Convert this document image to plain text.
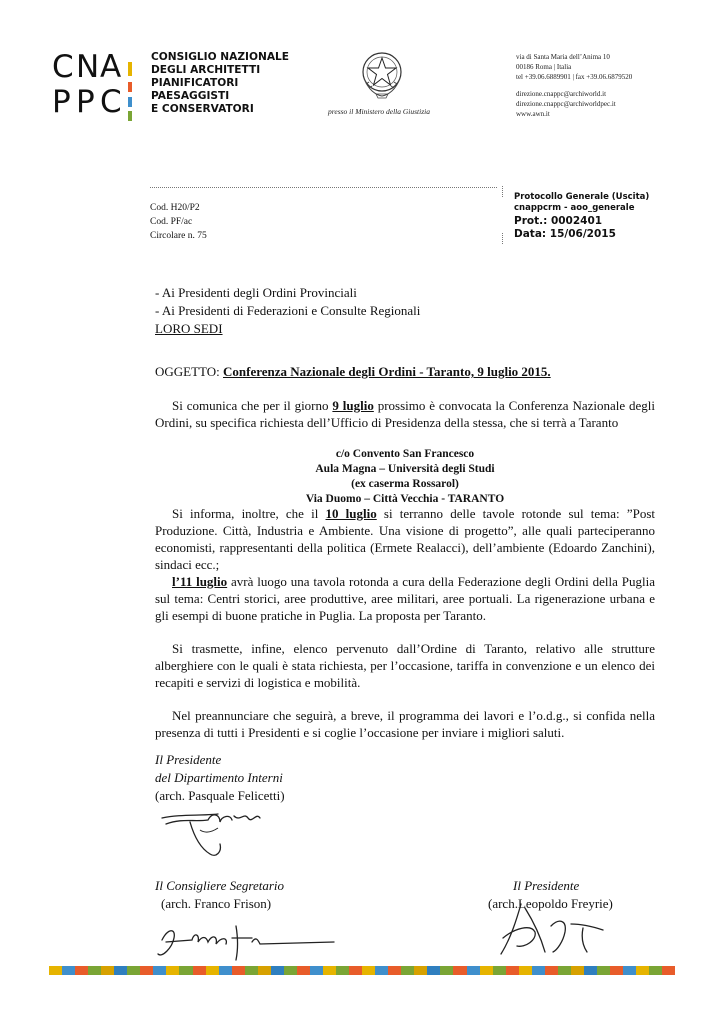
C N A
P P C
CONSIGLIO NAZIONALE
DEGLI ARCHITETTI
PIANIFICATORI
PAESAGGISTI
E CONSERVATORI	presso il Ministero della Giustizia
via di Santa Maria dell’Anima 10
00186 Roma | Italia
tel +39.06.6889901 | fax +39.06.6879520
direzione.cnappc@archiworld.it
direzione.cnappc@archiworldpec.it
www.awn.it
Cod. H20/P2
Cod. PF/ac
Circolare n. 75
Protocollo Generale (Uscita)
cnappcrm - aoo_generale
Prot.: 0002401
Data: 15/06/2015
- Ai Presidenti degli Ordini Provinciali
- Ai Presidenti di Federazioni e Consulte Regionali
LORO SEDI
OGGETTO: Conferenza Nazionale degli Ordini - Taranto, 9 luglio 2015.

Si comunica che per il giorno 9 luglio prossimo è convocata la Conferenza Nazionale degli Ordini, su specifica richiesta dell’Ufficio di Presidenza della stessa, che si terrà a Taranto

c/o Convento San Francesco
Aula Magna – Università degli Studi
(ex caserma Rossarol)
Via Duomo – Città Vecchia - TARANTO

Si informa, inoltre, che il 10 luglio si terranno delle tavole rotonde sul tema: ”Post Produzione. Città, Industria e Ambiente. Una visione di progetto”, alle quali parteciperanno economisti, rappresentanti della politica (Ermete Realacci), dell’ambiente (Edoardo Zanchini), sindaci ecc.;

l’11 luglio avrà luogo una tavola rotonda a cura della Federazione degli Ordini della Puglia sul tema: Centri storici, aree produttive, aree militari, aree portuali. La rigenerazione urbana e gli esempi di buone pratiche in Puglia. La proposta per Taranto.

Si trasmette, infine, elenco pervenuto dall’Ordine di Taranto, relativo alle strutture alberghiere con le quali è stata richiesta, per l’occasione, tariffa in convenzione e un elenco dei recapiti e servizi di logistica e mobilità.

Nel preannunciare che seguirà, a breve, il programma dei lavori e l’o.d.g., si confida nella presenza di tutti i Presidenti e si coglie l’occasione per inviare i migliori saluti.

Il Presidente
del Dipartimento Interni
(arch. Pasquale Felicetti)
Il Consigliere Segretario
(arch. Franco Frison)
Il Presidente
(arch.Leopoldo Freyrie)
